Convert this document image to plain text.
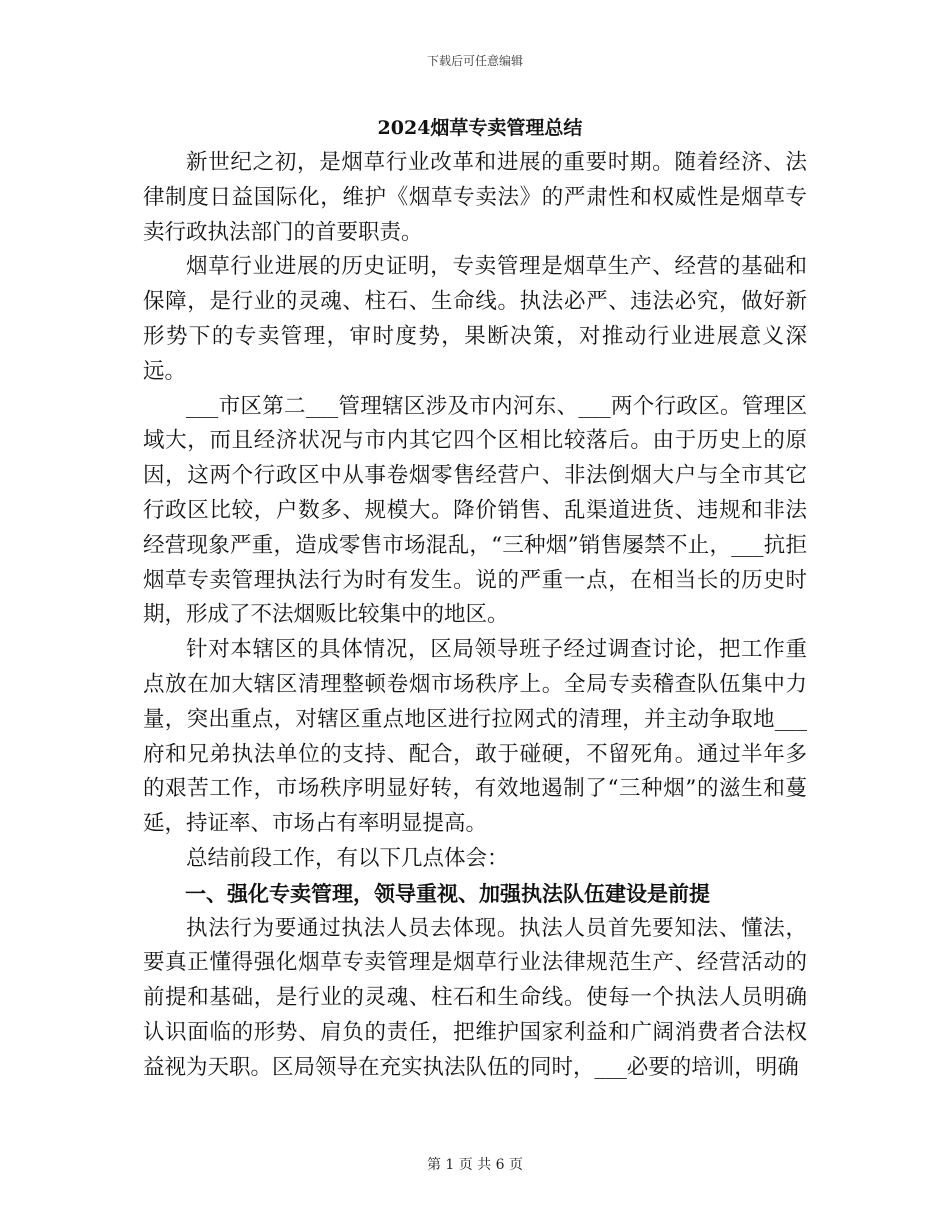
下载后可任意编辑
2024烟草专卖管理总结

新世纪之初，是烟草行业改革和进展的重要时期。随着经济、法律制度日益国际化，维护《烟草专卖法》的严肃性和权威性是烟草专卖行政执法部门的首要职责。

烟草行业进展的历史证明，专卖管理是烟草生产、经营的基础和保障，是行业的灵魂、柱石、生命线。执法必严、违法必究，做好新形势下的专卖管理，审时度势，果断决策，对推动行业进展意义深远。

___市区第二___管理辖区涉及市内河东、___两个行政区。管理区域大，而且经济状况与市内其它四个区相比较落后。由于历史上的原因，这两个行政区中从事卷烟零售经营户、非法倒烟大户与全市其它行政区比较，户数多、规模大。降价销售、乱渠道进货、违规和非法经营现象严重，造成零售市场混乱，“三种烟”销售屡禁不止，___抗拒烟草专卖管理执法行为时有发生。说的严重一点，在相当长的历史时期，形成了不法烟贩比较集中的地区。

针对本辖区的具体情况，区局领导班子经过调查讨论，把工作重点放在加大辖区清理整顿卷烟市场秩序上。全局专卖稽查队伍集中力量，突出重点，对辖区重点地区进行拉网式的清理，并主动争取地___府和兄弟执法单位的支持、配合，敢于碰硬，不留死角。通过半年多的艰苦工作，市场秩序明显好转，有效地遏制了“三种烟”的滋生和蔓延，持证率、市场占有率明显提高。

总结前段工作，有以下几点体会：

一、强化专卖管理，领导重视、加强执法队伍建设是前提

执法行为要通过执法人员去体现。执法人员首先要知法、懂法，要真正懂得强化烟草专卖管理是烟草行业法律规范生产、经营活动的前提和基础，是行业的灵魂、柱石和生命线。使每一个执法人员明确认识面临的形势、肩负的责任，把维护国家利益和广阔消费者合法权益视为天职。区局领导在充实执法队伍的同时，___必要的培训，明确

第 1 页 共 6 页
